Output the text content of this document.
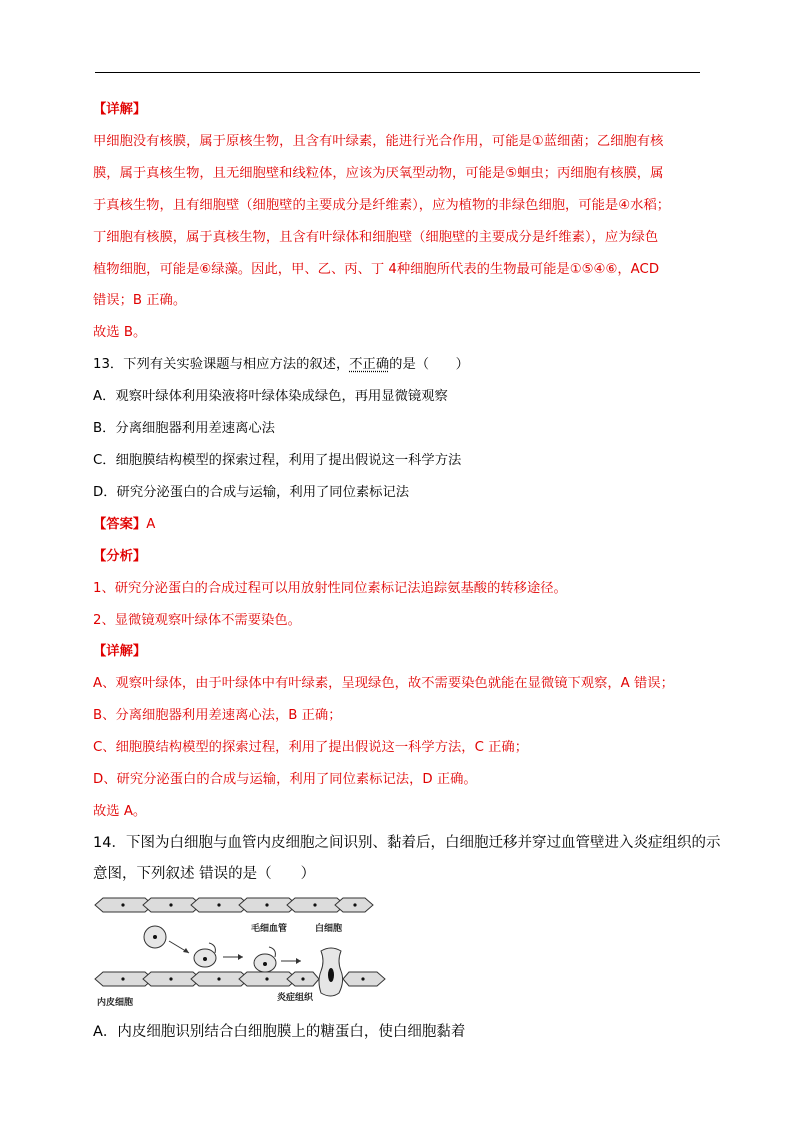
【详解】
甲细胞没有核膜，属于原核生物，且含有叶绿素，能进行光合作用，可能是①蓝细菌；乙细胞有核
膜，属于真核生物，且无细胞壁和线粒体，应该为厌氧型动物，可能是⑤蛔虫；丙细胞有核膜，属
于真核生物，且有细胞壁（细胞壁的主要成分是纤维素），应为植物的非绿色细胞，可能是④水稻；
丁细胞有核膜，属于真核生物，且含有叶绿体和细胞壁（细胞壁的主要成分是纤维素），应为绿色
植物细胞，可能是⑥绿藻。因此，甲、乙、丙、丁 4种细胞所代表的生物最可能是①⑤④⑥，ACD
错误；B 正确。
故选 B。
13．下列有关实验课题与相应方法的叙述，不正确的是（　　）
A．观察叶绿体利用染液将叶绿体染成绿色，再用显微镜观察
B．分离细胞器利用差速离心法
C．细胞膜结构模型的探索过程，利用了提出假说这一科学方法
D．研究分泌蛋白的合成与运输，利用了同位素标记法
【答案】A
【分析】
1、研究分泌蛋白的合成过程可以用放射性同位素标记法追踪氨基酸的转移途径。
2、显微镜观察叶绿体不需要染色。
【详解】
A、观察叶绿体，由于叶绿体中有叶绿素，呈现绿色，故不需要染色就能在显微镜下观察，A 错误；
B、分离细胞器利用差速离心法，B 正确；
C、细胞膜结构模型的探索过程，利用了提出假说这一科学方法，C 正确；
D、研究分泌蛋白的合成与运输，利用了同位素标记法，D 正确。
故选 A。
14．下图为白细胞与血管内皮细胞之间识别、黏着后，白细胞迁移并穿过血管壁进入炎症组织的示
意图，下列叙述 错误的是（　　）
毛细血管	白细胞
内皮细胞	炎症组织
A．内皮细胞识别结合白细胞膜上的糖蛋白，使白细胞黏着
